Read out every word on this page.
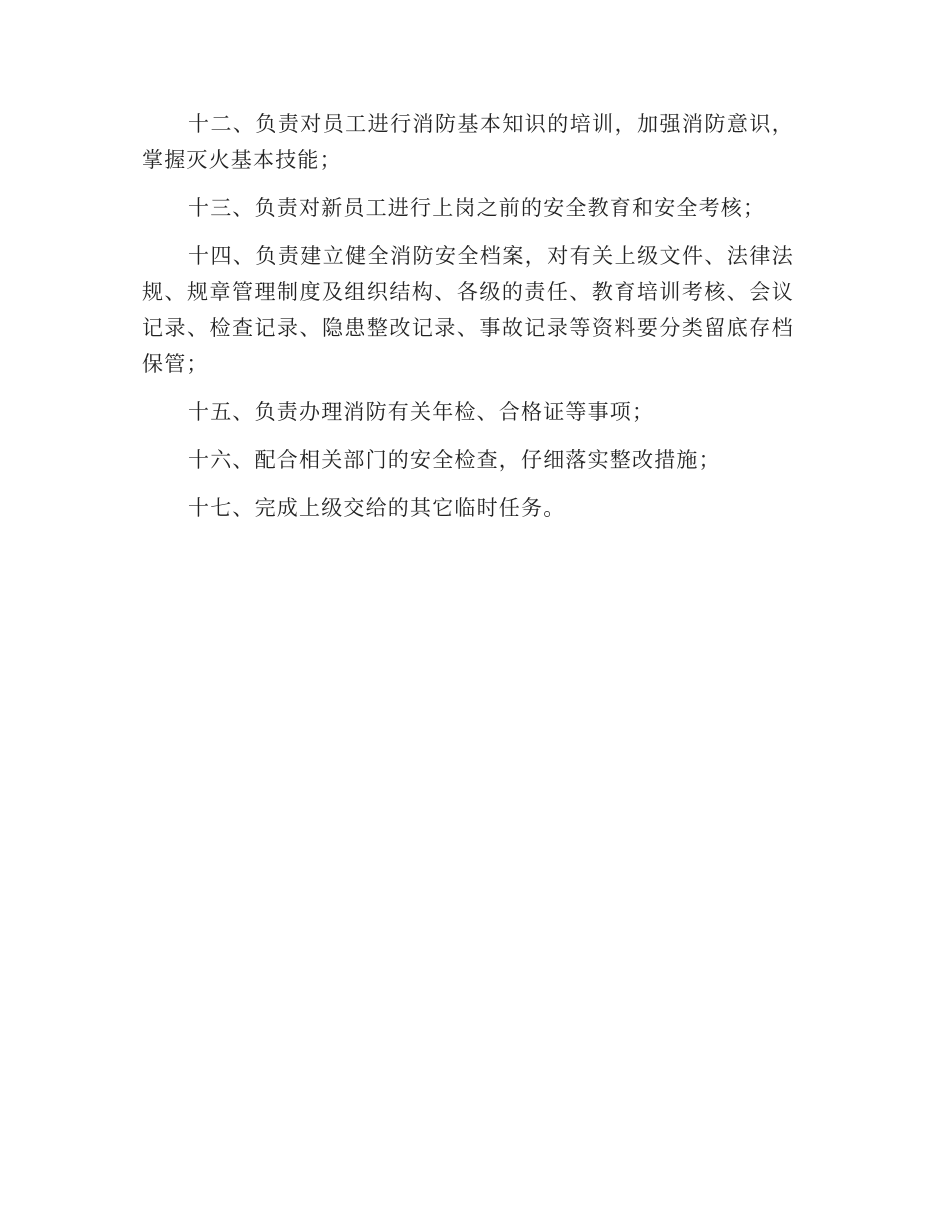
十二、负责对员工进行消防基本知识的培训，加强消防意识，掌握灭火基本技能；

十三、负责对新员工进行上岗之前的安全教育和安全考核；

十四、负责建立健全消防安全档案，对有关上级文件、法律法规、规章管理制度及组织结构、各级的责任、教育培训考核、会议记录、检查记录、隐患整改记录、事故记录等资料要分类留底存档保管；

十五、负责办理消防有关年检、合格证等事项；

十六、配合相关部门的安全检查，仔细落实整改措施；

十七、完成上级交给的其它临时任务。
